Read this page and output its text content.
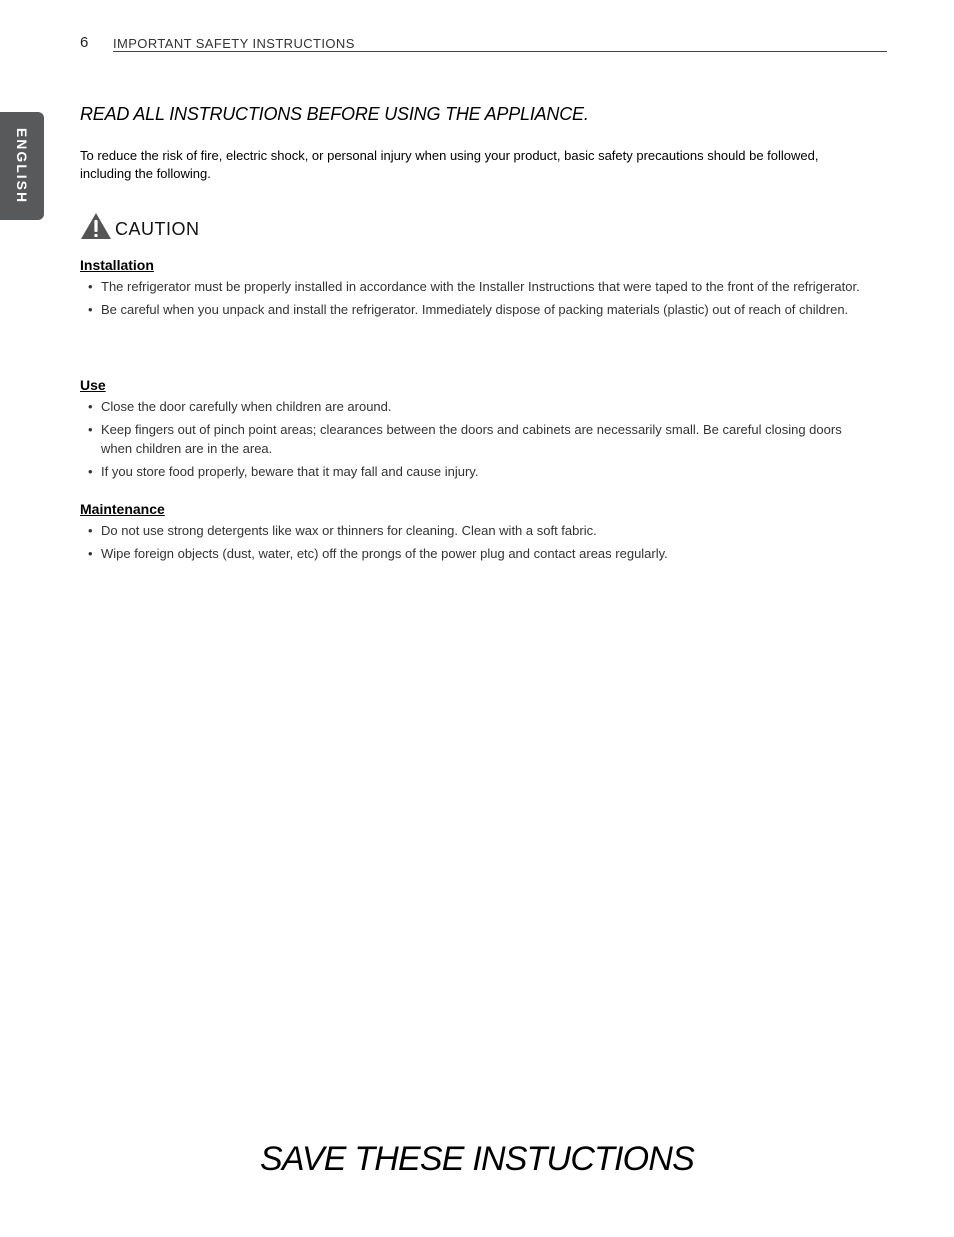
6 IMPORTANT SAFETY INSTRUCTIONS
ENGLISH
READ ALL INSTRUCTIONS BEFORE USING THE APPLIANCE.

To reduce the risk of fire, electric shock, or personal injury when using your product, basic safety precautions should be followed, including the following.

CAUTION
Installation
• The refrigerator must be properly installed in accordance with the Installer Instructions that were taped to the front of the refrigerator.
• Be careful when you unpack and install the refrigerator. Immediately dispose of packing materials (plastic) out of reach of children.
Use
• Close the door carefully when children are around.
• Keep fingers out of pinch point areas; clearances between the doors and cabinets are necessarily small. Be careful closing doors when children are in the area.
• If you store food properly, beware that it may fall and cause injury.
Maintenance
• Do not use strong detergents like wax or thinners for cleaning. Clean with a soft fabric.
• Wipe foreign objects (dust, water, etc) off the prongs of the power plug and contact areas regularly.
SAVE THESE INSTUCTIONS
